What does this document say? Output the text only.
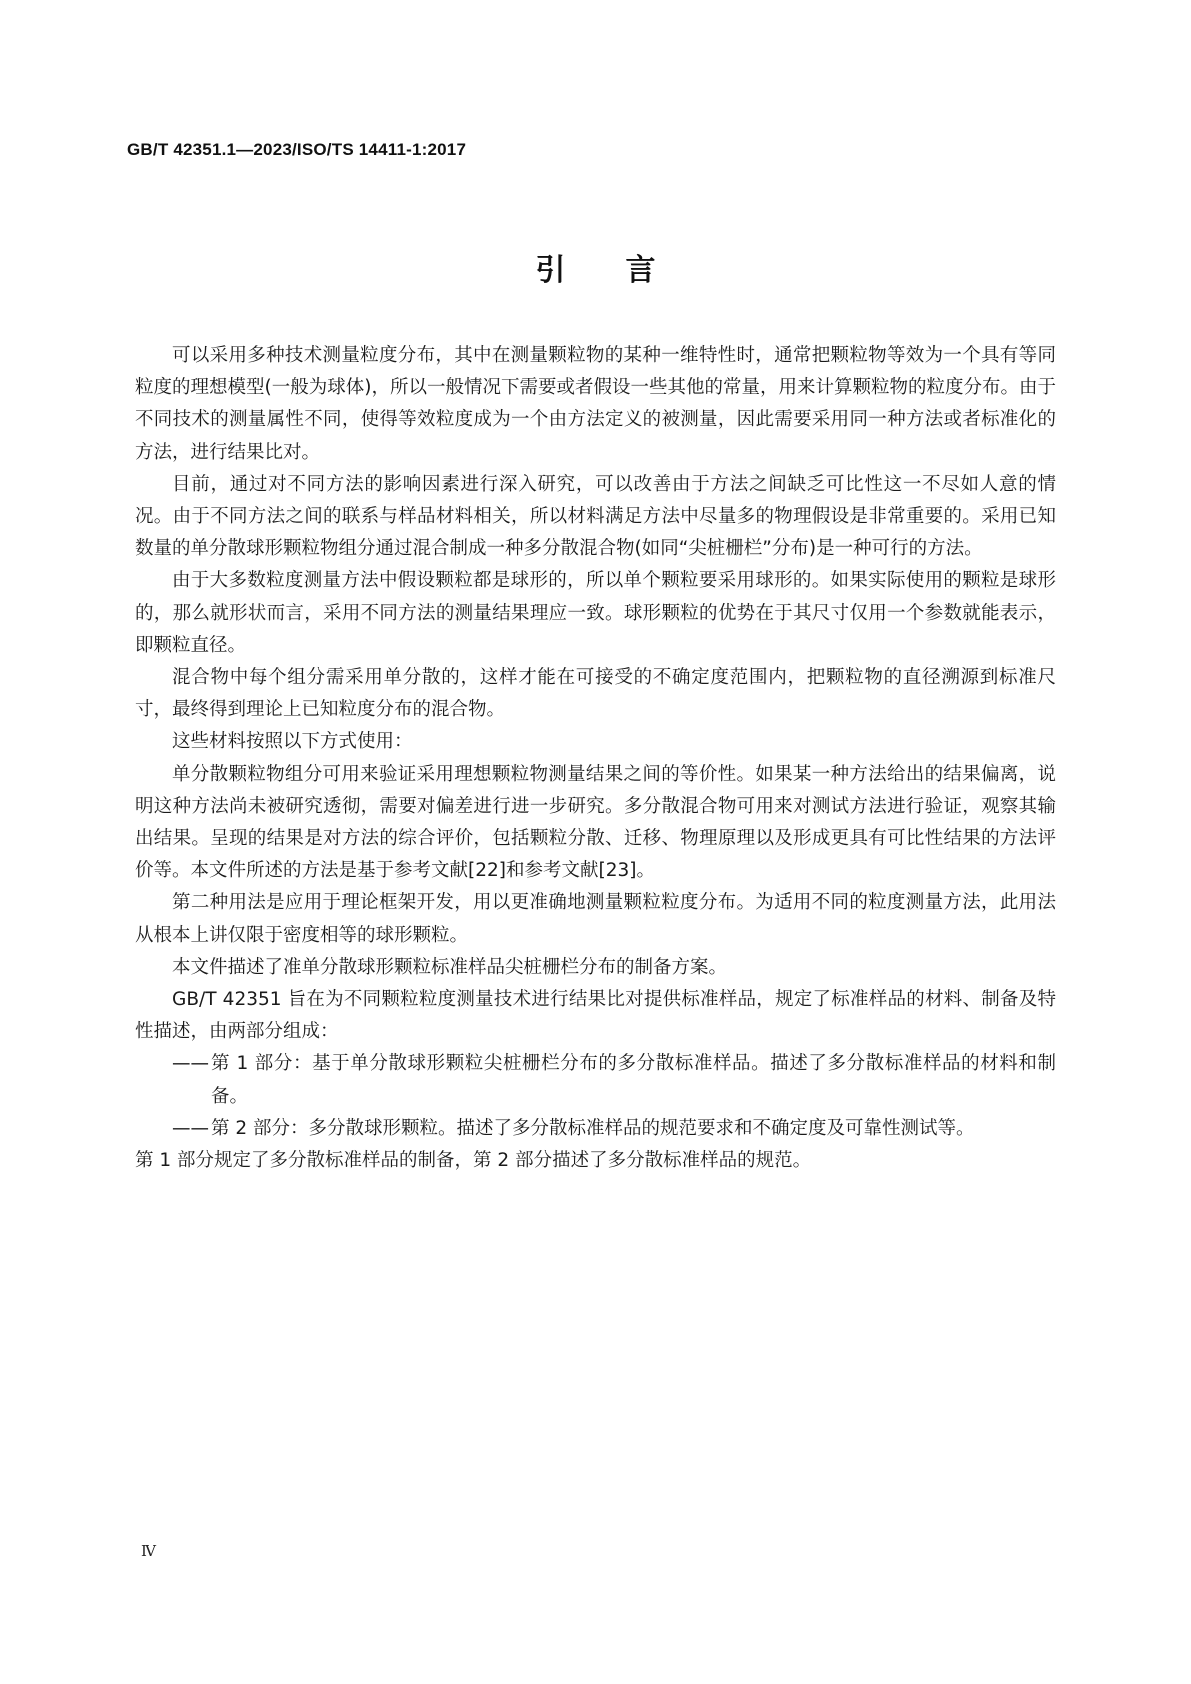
GB/T 42351.1—2023/ISO/TS 14411-1:2017
引言

可以采用多种技术测量粒度分布，其中在测量颗粒物的某种一维特性时，通常把颗粒物等效为一个具有等同粒度的理想模型(一般为球体)，所以一般情况下需要或者假设一些其他的常量，用来计算颗粒物的粒度分布。由于不同技术的测量属性不同，使得等效粒度成为一个由方法定义的被测量，因此需要采用同一种方法或者标准化的方法，进行结果比对。

目前，通过对不同方法的影响因素进行深入研究，可以改善由于方法之间缺乏可比性这一不尽如人意的情况。由于不同方法之间的联系与样品材料相关，所以材料满足方法中尽量多的物理假设是非常重要的。采用已知数量的单分散球形颗粒物组分通过混合制成一种多分散混合物(如同“尖桩栅栏”分布)是一种可行的方法。

由于大多数粒度测量方法中假设颗粒都是球形的，所以单个颗粒要采用球形的。如果实际使用的颗粒是球形的，那么就形状而言，采用不同方法的测量结果理应一致。球形颗粒的优势在于其尺寸仅用一个参数就能表示，即颗粒直径。

混合物中每个组分需采用单分散的，这样才能在可接受的不确定度范围内，把颗粒物的直径溯源到标准尺寸，最终得到理论上已知粒度分布的混合物。

这些材料按照以下方式使用：

单分散颗粒物组分可用来验证采用理想颗粒物测量结果之间的等价性。如果某一种方法给出的结果偏离，说明这种方法尚未被研究透彻，需要对偏差进行进一步研究。多分散混合物可用来对测试方法进行验证，观察其输出结果。呈现的结果是对方法的综合评价，包括颗粒分散、迁移、物理原理以及形成更具有可比性结果的方法评价等。本文件所述的方法是基于参考文献[22]和参考文献[23]。

第二种用法是应用于理论框架开发，用以更准确地测量颗粒粒度分布。为适用不同的粒度测量方法，此用法从根本上讲仅限于密度相等的球形颗粒。

本文件描述了准单分散球形颗粒标准样品尖桩栅栏分布的制备方案。

GB/T 42351 旨在为不同颗粒粒度测量技术进行结果比对提供标准样品，规定了标准样品的材料、制备及特性描述，由两部分组成：

—— 第 1 部分：基于单分散球形颗粒尖桩栅栏分布的多分散标准样品。描述了多分散标准样品的材料和制备。
—— 第 2 部分：多分散球形颗粒。描述了多分散标准样品的规范要求和不确定度及可靠性测试等。

第 1 部分规定了多分散标准样品的制备，第 2 部分描述了多分散标准样品的规范。

Ⅳ
